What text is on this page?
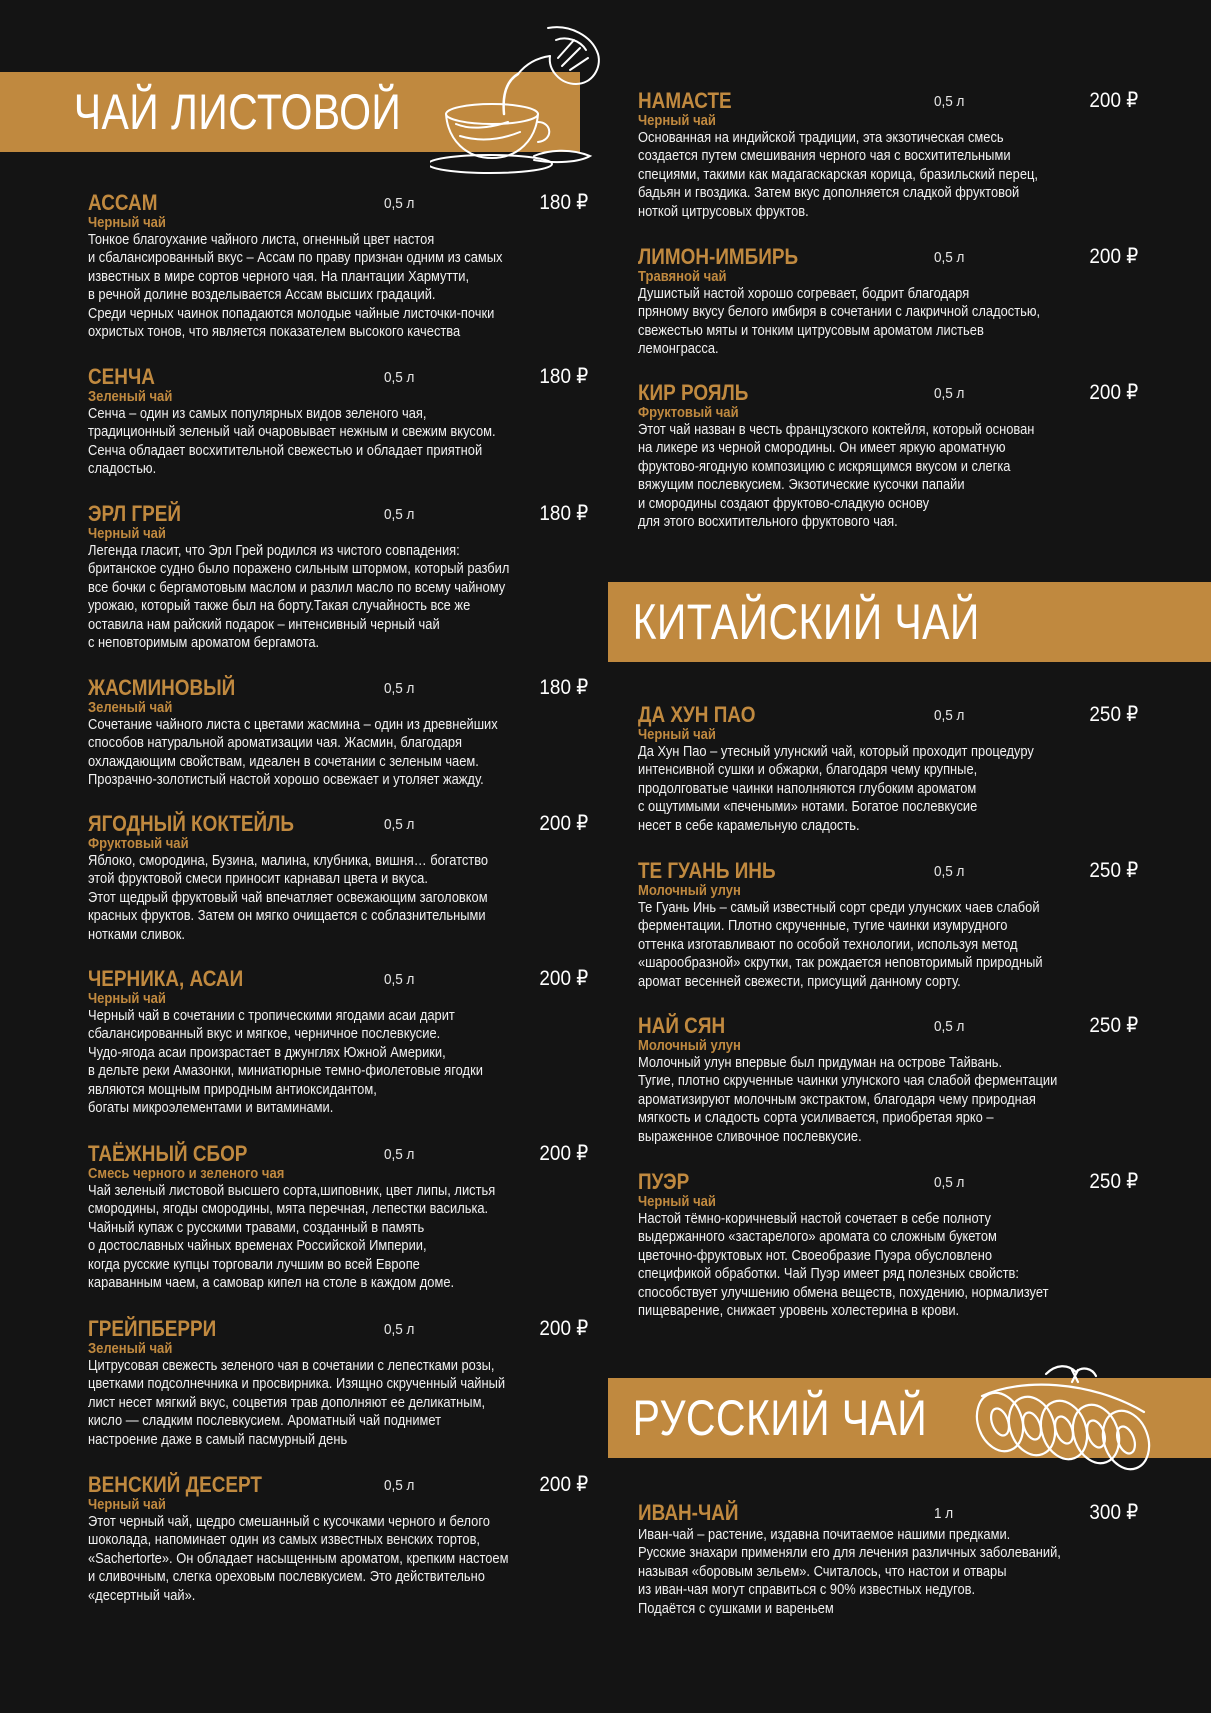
ЧАЙ ЛИСТОВОЙ
АССАМ	0,5 л	180 ₽
Черный чай
Тонкое благоухание чайного листа, огненный цвет настоя
и сбалансированный вкус – Ассам по праву признан одним из самых
известных в мире сортов черного чая. На плантации Хармутти,
в речной долине возделывается Ассам высших градаций.
Среди черных чаинок попадаются молодые чайные листочки-почки
охристых тонов, что является показателем высокого качества
СЕНЧА	0,5 л	180 ₽
Зеленый чай
Сенча – один из самых популярных видов зеленого чая,
традиционный зеленый чай очаровывает нежным и свежим вкусом.
Сенча обладает восхитительной свежестью и обладает приятной
сладостью.
ЭРЛ ГРЕЙ	0,5 л	180 ₽
Черный чай
Легенда гласит, что Эрл Грей родился из чистого совпадения:
британское судно было поражено сильным штормом, который разбил
все бочки с бергамотовым маслом и разлил масло по всему чайному
урожаю, который также был на борту.Такая случайность все же
оставила нам райский подарок – интенсивный черный чай
с неповторимым ароматом бергамота.
ЖАСМИНОВЫЙ	0,5 л	180 ₽
Зеленый чай
Сочетание чайного листа с цветами жасмина – один из древнейших
способов натуральной ароматизации чая. Жасмин, благодаря
охлаждающим свойствам, идеален в сочетании с зеленым чаем.
Прозрачно-золотистый настой хорошо освежает и утоляет жажду.
ЯГОДНЫЙ КОКТЕЙЛЬ	0,5 л	200 ₽
Фруктовый чай
Яблоко, смородина, Бузина, малина, клубника, вишня… богатство
этой фруктовой смеси приносит карнавал цвета и вкуса.
Этот щедрый фруктовый чай впечатляет освежающим заголовком
красных фруктов. Затем он мягко очищается с соблазнительными
нотками сливок.
ЧЕРНИКА, АСАИ	0,5 л	200 ₽
Черный чай
Черный чай в сочетании с тропическими ягодами асаи дарит
сбалансированный вкус и мягкое, черничное послевкусие.
Чудо-ягода асаи произрастает в джунглях Южной Америки,
в дельте реки Амазонки, миниатюрные темно-фиолетовые ягодки
являются мощным природным антиоксидантом,
богаты микроэлементами и витаминами.
ТАЁЖНЫЙ СБОР	0,5 л	200 ₽
Смесь черного и зеленого чая
Чай зеленый листовой высшего сорта,шиповник, цвет липы, листья
смородины, ягоды смородины, мята перечная, лепестки василька.
Чайный купаж с русскими травами, созданный в память
о достославных чайных временах Российской Империи,
когда русские купцы торговали лучшим во всей Европе
караванным чаем, а самовар кипел на столе в каждом доме.
ГРЕЙПБЕРРИ	0,5 л	200 ₽
Зеленый чай
Цитрусовая свежесть зеленого чая в сочетании с лепестками розы,
цветками подсолнечника и просвирника. Изящно скрученный чайный
лист несет мягкий вкус, соцветия трав дополняют ее деликатным,
кисло — сладким послевкусием. Ароматный чай поднимет
настроение даже в самый пасмурный день
ВЕНСКИЙ ДЕСЕРТ	0,5 л	200 ₽
Черный чай
Этот черный чай, щедро смешанный с кусочками черного и белого
шоколада, напоминает один из самых известных венских тортов,
«Sachertorte». Он обладает насыщенным ароматом, крепким настоем
и сливочным, слегка ореховым послевкусием. Это действительно
«десертный чай».
НАМАСТЕ	0,5 л	200 ₽
Черный чай
Основанная на индийской традиции, эта экзотическая смесь
создается путем смешивания черного чая с восхитительными
специями, такими как мадагаскарская корица, бразильский перец,
бадьян и гвоздика. Затем вкус дополняется сладкой фруктовой
ноткой цитрусовых фруктов.
ЛИМОН-ИМБИРЬ	0,5 л	200 ₽
Травяной чай
Душистый настой хорошо согревает, бодрит благодаря
пряному вкусу белого имбиря в сочетании с лакричной сладостью,
свежестью мяты и тонким цитрусовым ароматом листьев
лемонграсса.
КИР РОЯЛЬ	0,5 л	200 ₽
Фруктовый чай
Этот чай назван в честь французского коктейля, который основан
на ликере из черной смородины. Он имеет яркую ароматную
фруктово-ягодную композицию с искрящимся вкусом и слегка
вяжущим послевкусием. Экзотические кусочки папайи
и смородины создают фруктово-сладкую основу
для этого восхитительного фруктового чая.
КИТАЙСКИЙ ЧАЙ
ДА ХУН ПАО	0,5 л	250 ₽
Черный чай
Да Хун Пао – утесный улунский чай, который проходит процедуру
интенсивной сушки и обжарки, благодаря чему крупные,
продолговатые чаинки наполняются глубоким ароматом
с ощутимыми «печеными» нотами. Богатое послевкусие
несет в себе карамельную сладость.
ТЕ ГУАНЬ ИНЬ	0,5 л	250 ₽
Молочный улун
Те Гуань Инь – самый известный сорт среди улунских чаев слабой
ферментации. Плотно скрученные, тугие чаинки изумрудного
оттенка изготавливают по особой технологии, используя метод
«шарообразной» скрутки, так рождается неповторимый природный
аромат весенней свежести, присущий данному сорту.
НАЙ СЯН	0,5 л	250 ₽
Молочный улун
Молочный улун впервые был придуман на острове Тайвань.
Тугие, плотно скрученные чаинки улунского чая слабой ферментации
ароматизируют молочным экстрактом, благодаря чему природная
мягкость и сладость сорта усиливается, приобретая ярко –
выраженное сливочное послевкусие.
ПУЭР	0,5 л	250 ₽
Черный чай
Настой тёмно-коричневый настой сочетает в себе полноту
выдержанного «застарелого» аромата со сложным букетом
цветочно-фруктовых нот. Своеобразие Пуэра обусловлено
спецификой обработки. Чай Пуэр имеет ряд полезных свойств:
способствует улучшению обмена веществ, похудению, нормализует
пищеварение, снижает уровень холестерина в крови.
РУССКИЙ ЧАЙ
ИВАН-ЧАЙ	1 л	300 ₽
Иван-чай – растение, издавна почитаемое нашими предками.
Русские знахари применяли его для лечения различных заболеваний,
называя «боровым зельем». Считалось, что настои и отвары
из иван-чая могут справиться с 90% известных недугов.
Подаётся с сушками и вареньем
